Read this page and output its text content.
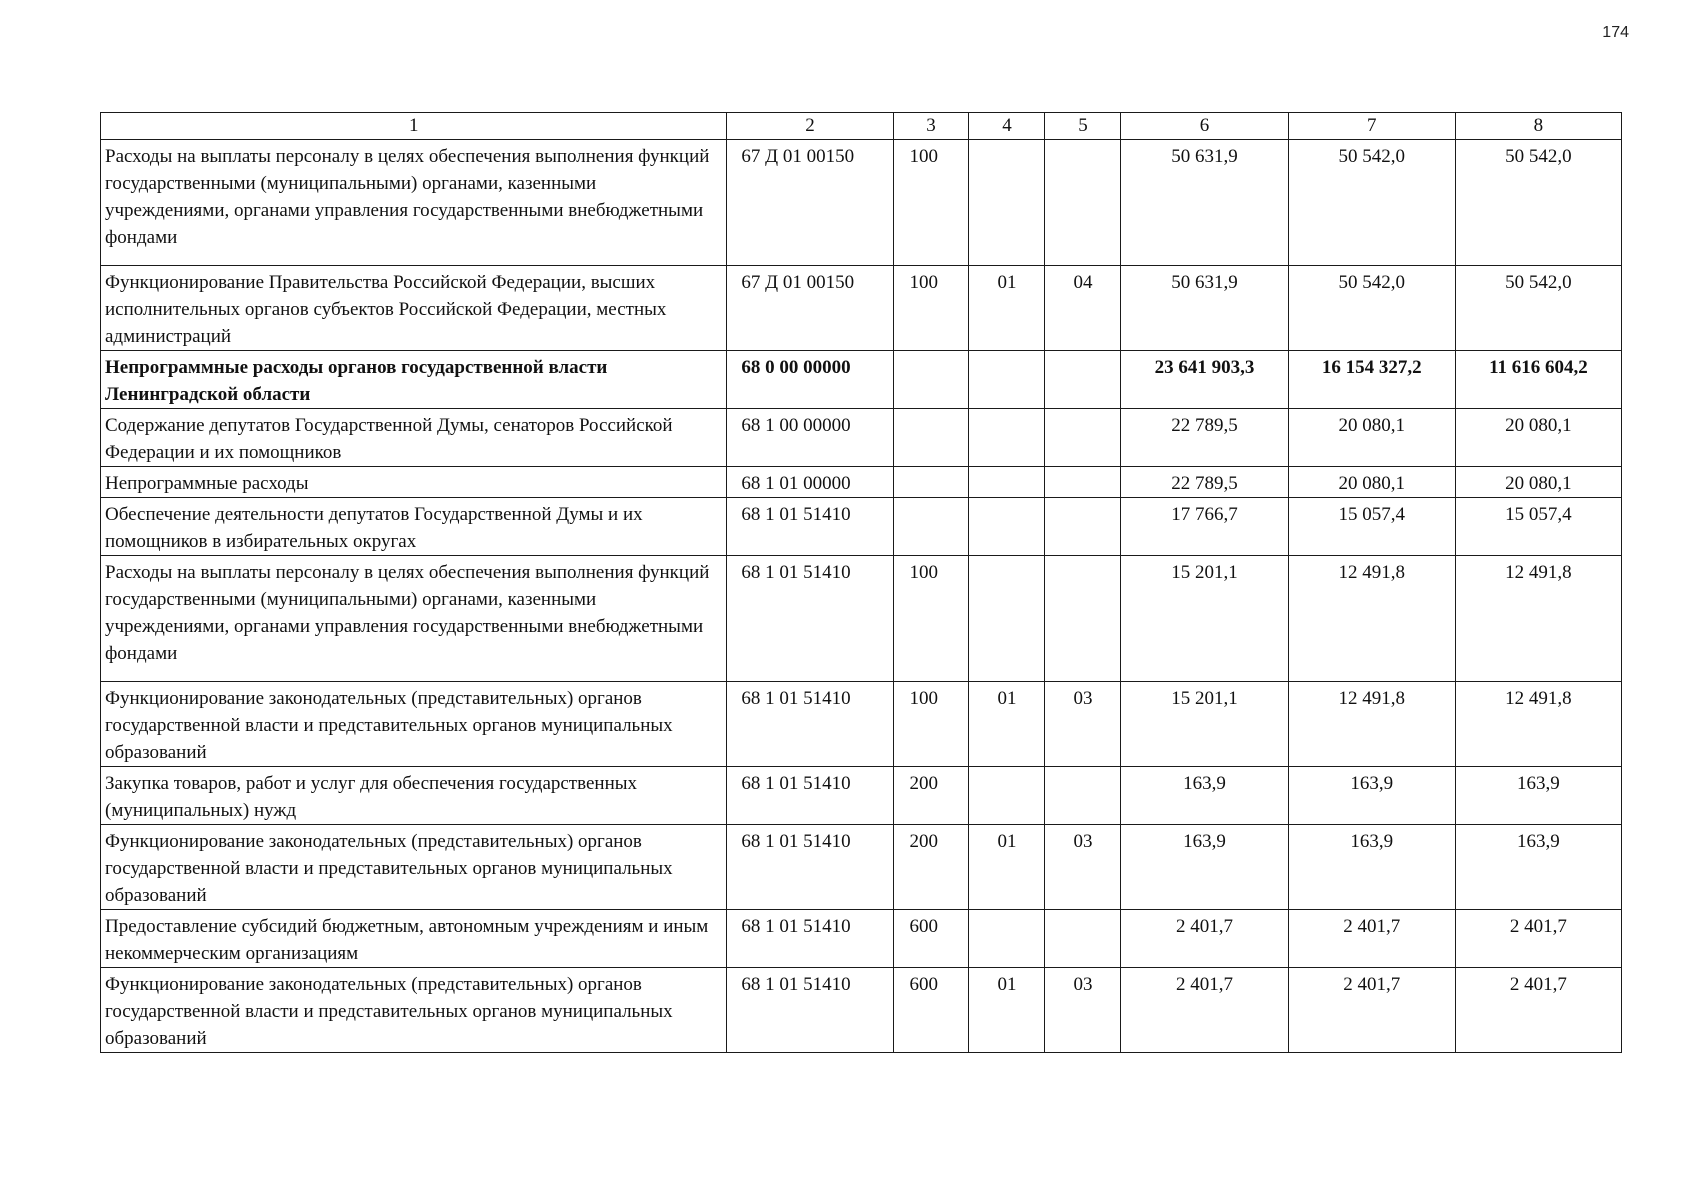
174
1	2	3	4	5	6	7	8
Расходы на выплаты персоналу в целях обеспечения выполнения функций государственными (муниципальными) органами, казенными учреждениями, органами управления государственными внебюджетными фондами	67 Д 01 00150	100			50 631,9	50 542,0	50 542,0
Функционирование Правительства Российской Федерации, высших исполнительных органов субъектов Российской Федерации, местных администраций	67 Д 01 00150	100	01	04	50 631,9	50 542,0	50 542,0
Непрограммные расходы органов государственной власти Ленинградской области	68 0 00 00000				23 641 903,3	16 154 327,2	11 616 604,2
Содержание депутатов Государственной Думы, сенаторов Российской Федерации и их помощников	68 1 00 00000				22 789,5	20 080,1	20 080,1
Непрограммные расходы	68 1 01 00000				22 789,5	20 080,1	20 080,1
Обеспечение деятельности депутатов Государственной Думы и их помощников в избирательных округах	68 1 01 51410				17 766,7	15 057,4	15 057,4
Расходы на выплаты персоналу в целях обеспечения выполнения функций государственными (муниципальными) органами, казенными учреждениями, органами управления государственными внебюджетными фондами	68 1 01 51410	100			15 201,1	12 491,8	12 491,8
Функционирование законодательных (представительных) органов государственной власти и представительных органов муниципальных образований	68 1 01 51410	100	01	03	15 201,1	12 491,8	12 491,8
Закупка товаров, работ и услуг для обеспечения государственных (муниципальных) нужд	68 1 01 51410	200			163,9	163,9	163,9
Функционирование законодательных (представительных) органов государственной власти и представительных органов муниципальных образований	68 1 01 51410	200	01	03	163,9	163,9	163,9
Предоставление субсидий бюджетным, автономным учреждениям и иным некоммерческим организациям	68 1 01 51410	600			2 401,7	2 401,7	2 401,7
Функционирование законодательных (представительных) органов государственной власти и представительных органов муниципальных образований	68 1 01 51410	600	01	03	2 401,7	2 401,7	2 401,7
